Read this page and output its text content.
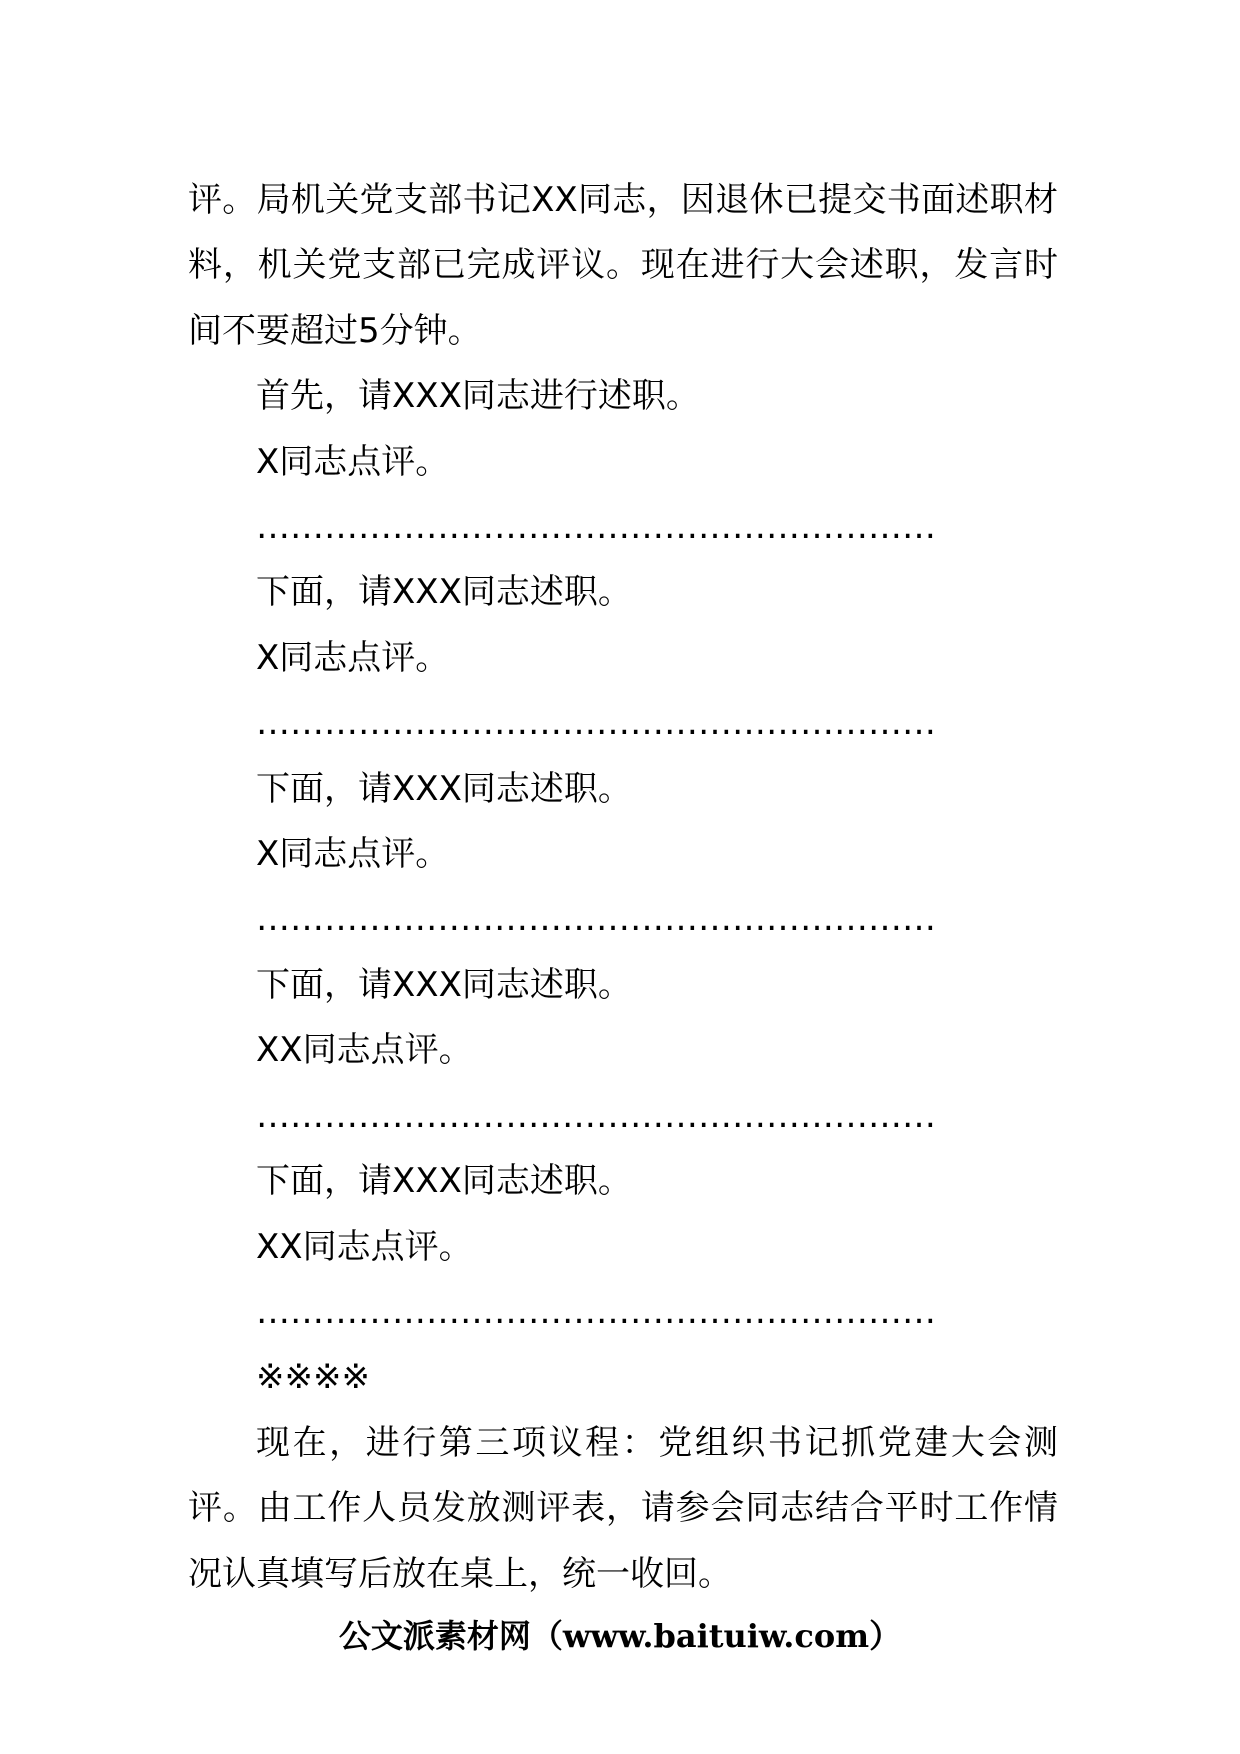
评。局机关党支部书记XX同志，因退休已提交书面述职材料，机关党支部已完成评议。现在进行大会述职，发言时间不要超过5分钟。

首先，请XXX同志进行述职。

X同志点评。

……………………………………………………

下面，请XXX同志述职。

X同志点评。

……………………………………………………

下面，请XXX同志述职。

X同志点评。

……………………………………………………

下面，请XXX同志述职。

XX同志点评。

……………………………………………………

下面，请XXX同志述职。

XX同志点评。

……………………………………………………

※※※※

现在，进行第三项议程：党组织书记抓党建大会测评。由工作人员发放测评表，请参会同志结合平时工作情况认真填写后放在桌上，统一收回。

公文派素材网（www.baituiw.com）
